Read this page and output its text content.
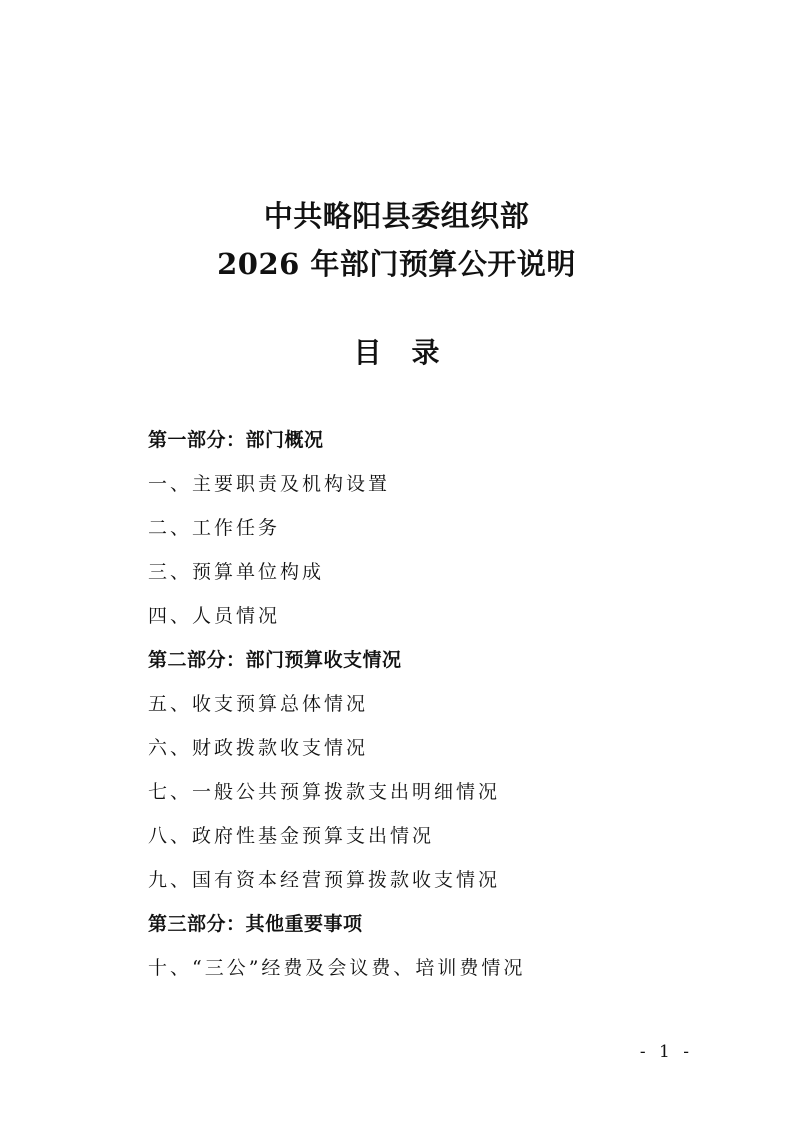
中共略阳县委组织部
2026 年部门预算公开说明
目 录
第一部分：部门概况
一、主要职责及机构设置
二、工作任务
三、预算单位构成
四、人员情况
第二部分：部门预算收支情况
五、收支预算总体情况
六、财政拨款收支情况
七、一般公共预算拨款支出明细情况
八、政府性基金预算支出情况
九、国有资本经营预算拨款收支情况
第三部分：其他重要事项
十、“三公”经费及会议费、培训费情况
- 1 -
